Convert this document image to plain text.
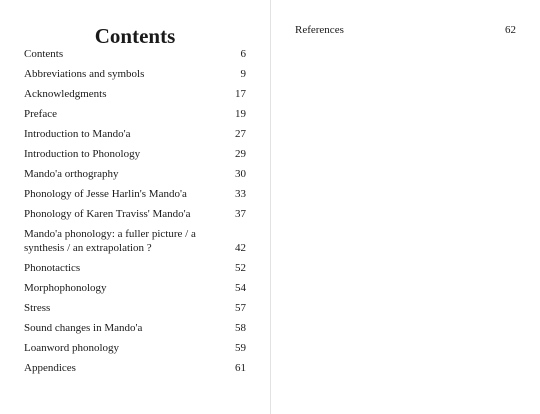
Contents
Contents	6
Abbreviations and symbols	9
Acknowledgments	17
Preface	19
Introduction to Mando'a	27
Introduction to Phonology	29
Mando'a orthography	30
Phonology of Jesse Harlin's Mando'a	33
Phonology of Karen Traviss' Mando'a	37
Mando'a phonology: a fuller picture / a synthesis / an extrapolation ?	42
Phonotactics	52
Morphophonology	54
Stress	57
Sound changes in Mando'a	58
Loanword phonology	59
Appendices	61
References	62
